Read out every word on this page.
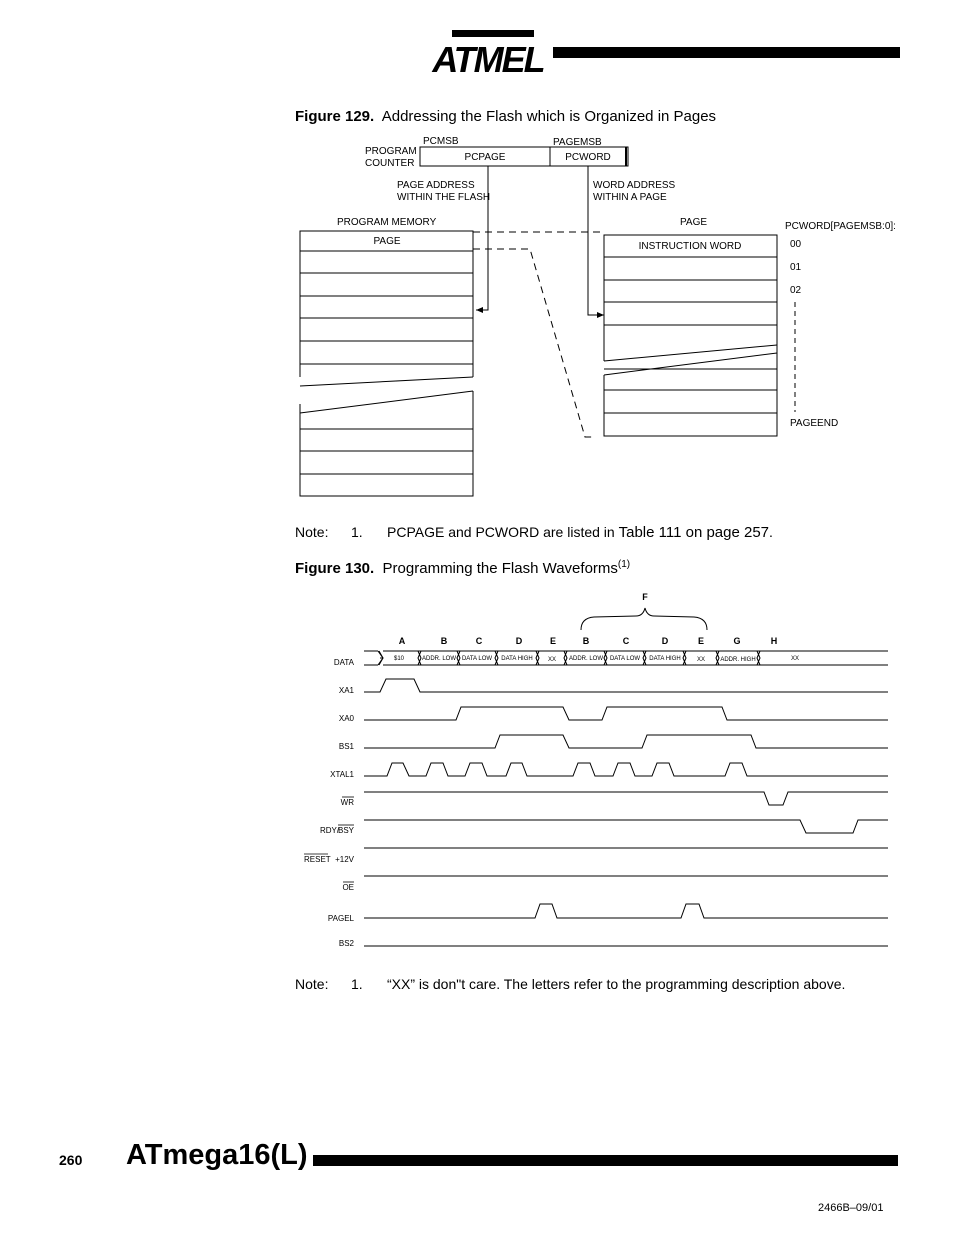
ATMEL
Figure 129. Addressing the Flash which is Organized in Pages
PCMSB	PAGEMSB
PROGRAM
COUNTER
PCPAGE	PCWORD
PAGE ADDRESS
WITHIN THE FLASH
WORD ADDRESS
WITHIN A PAGE
PROGRAM MEMORY	PAGE	PCWORD[PAGEMSB:0]:
PAGE	INSTRUCTION WORD	00
01
02
PAGEEND
Note: 1. PCPAGE and PCWORD are listed in Table 111 on page 257.
Figure 130. Programming the Flash Waveforms$^{(1)}$
F
A	B	C	D	E	B	C	D	E	G	H
DATA
XA1
XA0
BS1
XTAL1
WR
PAGEL
BS2
OE
+12V
RDY/
BSY
RESET
$10	ADDR. LOW DATA LOW DATA HIGH	XX ADDR. LOW DATA LOW DATA HIGH	XX	ADDR. HIGH	XX
Note: 1. “XX” is don"t care. The letters refer to the programming description above.
260 ATmega16(L)
2466B–09/01
